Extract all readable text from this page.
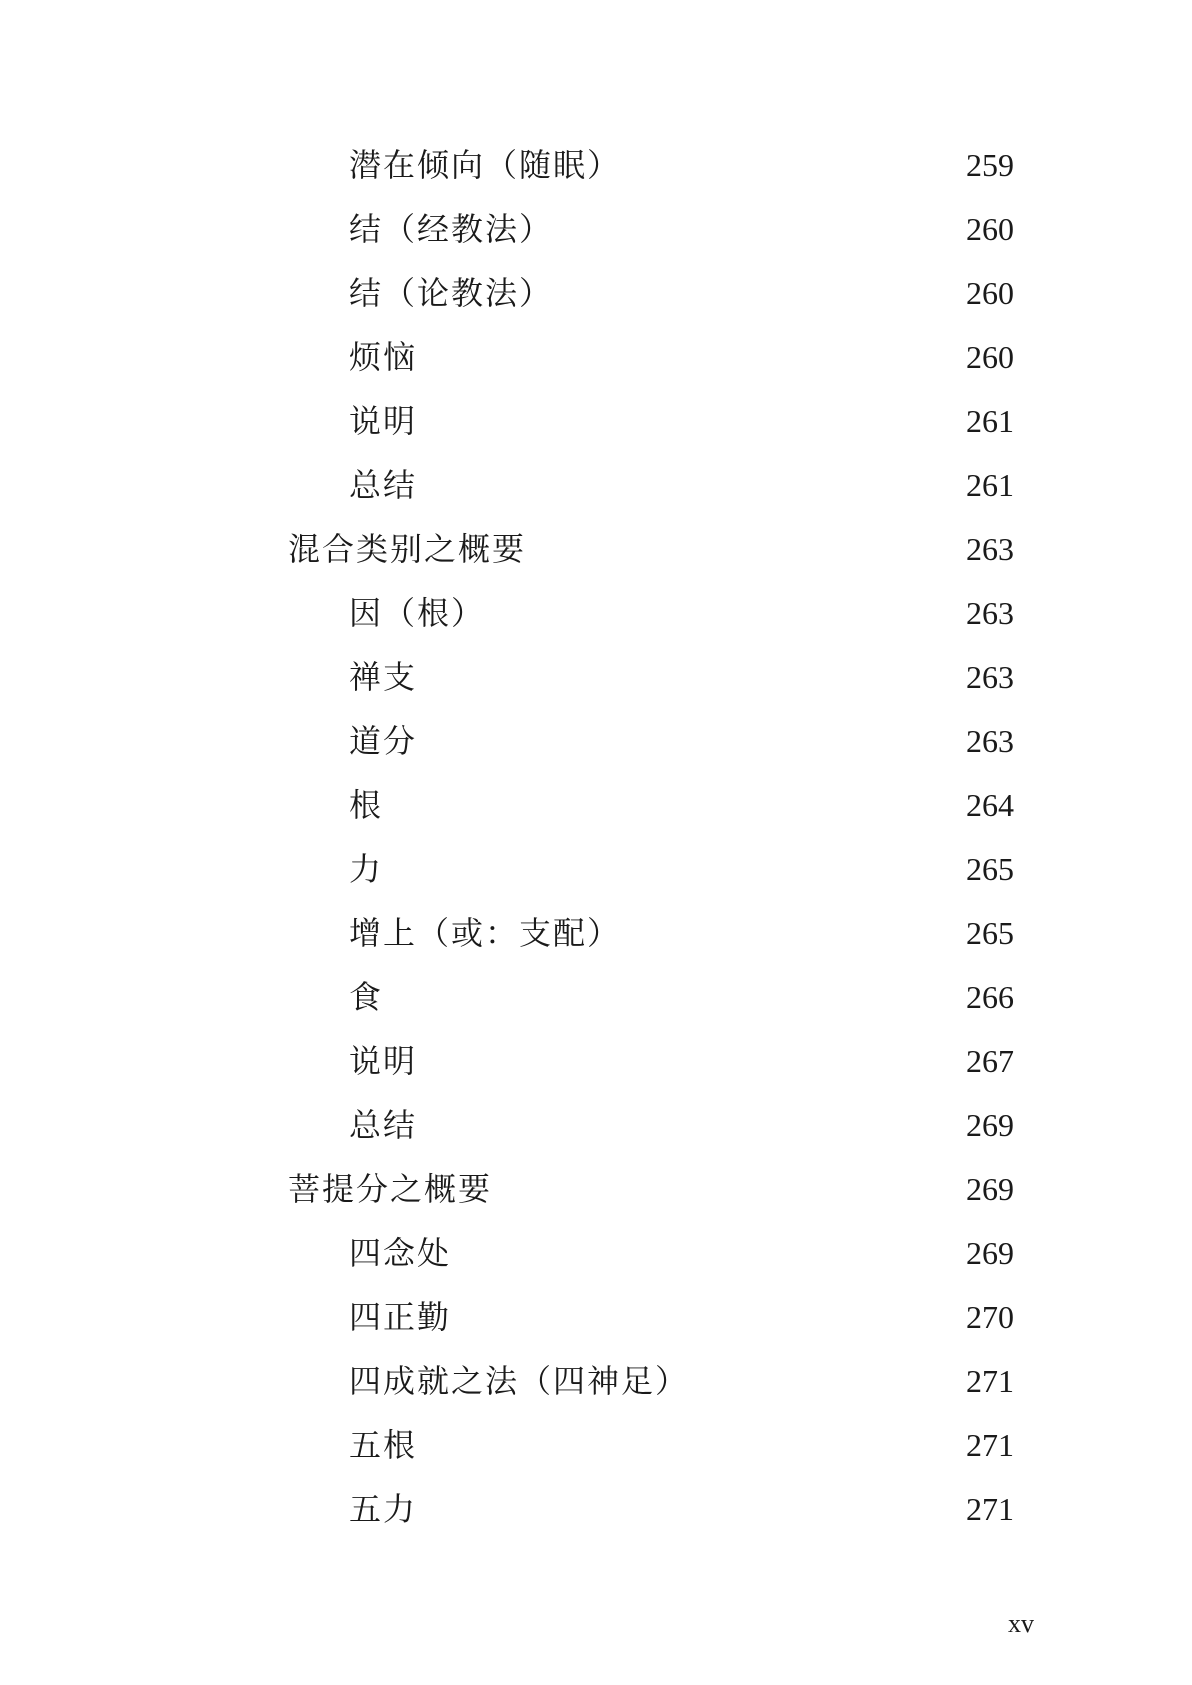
潜在倾向（随眠）	259
结（经教法）	260
结（论教法）	260
烦恼	260
说明	261
总结	261
混合类别之概要	263
因（根）	263
禅支	263
道分	263
根	264
力	265
增上（或：支配）	265
食	266
说明	267
总结	269
菩提分之概要	269
四念处	269
四正勤	270
四成就之法（四神足）	271
五根	271
五力	271
xv
